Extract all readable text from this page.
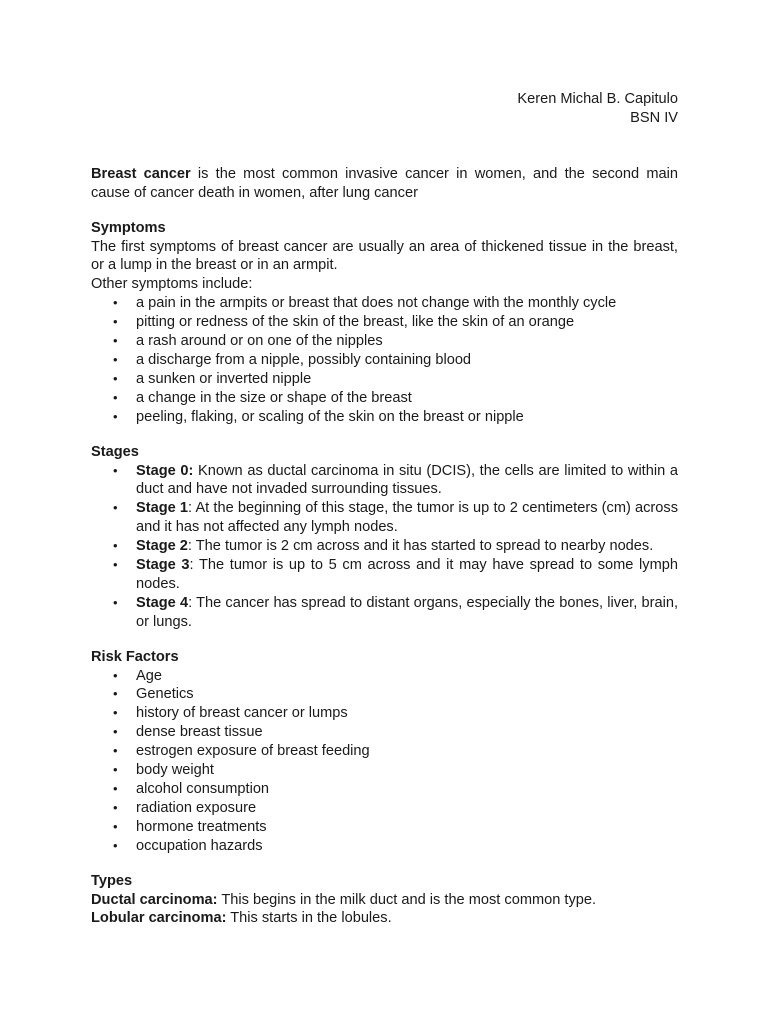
Keren Michal B. Capitulo
BSN IV
Breast cancer is the most common invasive cancer in women, and the second main cause of cancer death in women, after lung cancer
Symptoms
The first symptoms of breast cancer are usually an area of thickened tissue in the breast, or a lump in the breast or in an armpit.
Other symptoms include:
• a pain in the armpits or breast that does not change with the monthly cycle
• pitting or redness of the skin of the breast, like the skin of an orange
• a rash around or on one of the nipples
• a discharge from a nipple, possibly containing blood
• a sunken or inverted nipple
• a change in the size or shape of the breast
• peeling, flaking, or scaling of the skin on the breast or nipple
Stages
• Stage 0: Known as ductal carcinoma in situ (DCIS), the cells are limited to within a duct and have not invaded surrounding tissues.
• Stage 1: At the beginning of this stage, the tumor is up to 2 centimeters (cm) across and it has not affected any lymph nodes.
• Stage 2: The tumor is 2 cm across and it has started to spread to nearby nodes.
• Stage 3: The tumor is up to 5 cm across and it may have spread to some lymph nodes.
• Stage 4: The cancer has spread to distant organs, especially the bones, liver, brain, or lungs.
Risk Factors
• Age
• Genetics
• history of breast cancer or lumps
• dense breast tissue
• estrogen exposure of breast feeding
• body weight
• alcohol consumption
• radiation exposure
• hormone treatments
• occupation hazards
Types
Ductal carcinoma: This begins in the milk duct and is the most common type.
Lobular carcinoma: This starts in the lobules.
